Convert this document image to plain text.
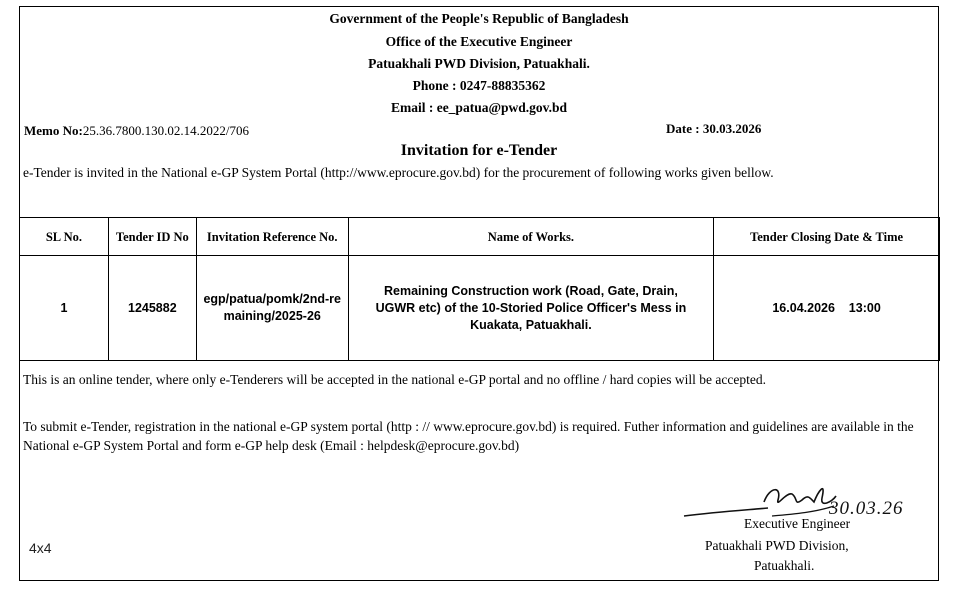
Government of the People's Republic of Bangladesh
Office of the Executive Engineer
Patuakhali PWD Division, Patuakhali.
Phone : 0247-88835362
Email : ee_patua@pwd.gov.bd
Memo No:25.36.7800.130.02.14.2022/706	Date : 30.03.2026
Invitation for e-Tender
e-Tender is invited in the National e-GP System Portal (http://www.eprocure.gov.bd) for the procurement of following works given bellow.
SL No.	Tender ID No	Invitation Reference No.	Name of Works.	Tender Closing Date & Time
1	1245882	egp/patua/pomk/2nd-remaining/2025-26	Remaining Construction work (Road, Gate, Drain, UGWR etc) of the 10-Storied Police Officer's Mess in Kuakata, Patuakhali.	16.04.2026    13:00
This is an online tender, where only e-Tenderers will be accepted in the national e-GP portal and no offline / hard copies will be accepted.
To submit e-Tender, registration in the national e-GP system portal (http : // www.eprocure.gov.bd) is required. Futher information and guidelines are available in the National e-GP System Portal and form e-GP help desk (Email : helpdesk@eprocure.gov.bd)
4x4
30.03.26
Executive Engineer
Patuakhali PWD Division,
Patuakhali.
